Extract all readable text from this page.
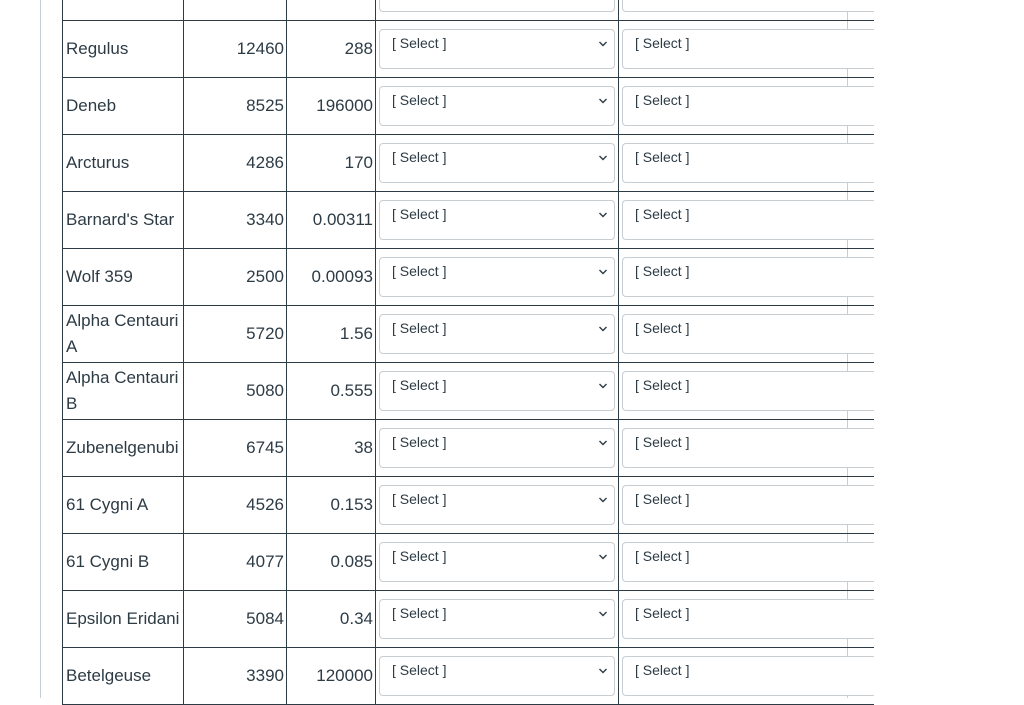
Regulus	12460	288	[ Select ]	[ Select ]

Deneb	8525	196000	[ Select ]	[ Select ]

Arcturus	4286	170	[ Select ]	[ Select ]

Barnard's Star	3340	0.00311	[ Select ]	[ Select ]

Wolf 359	2500	0.00093	[ Select ]	[ Select ]

Alpha Centauri A	5720	1.56	[ Select ]	[ Select ]

Alpha Centauri B	5080	0.555	[ Select ]	[ Select ]

Zubenelgenubi	6745	38	[ Select ]	[ Select ]

61 Cygni A	4526	0.153	[ Select ]	[ Select ]

61 Cygni B	4077	0.085	[ Select ]	[ Select ]

Epsilon Eridani	5084	0.34	[ Select ]	[ Select ]

Betelgeuse	3390	120000	[ Select ]	[ Select ]
